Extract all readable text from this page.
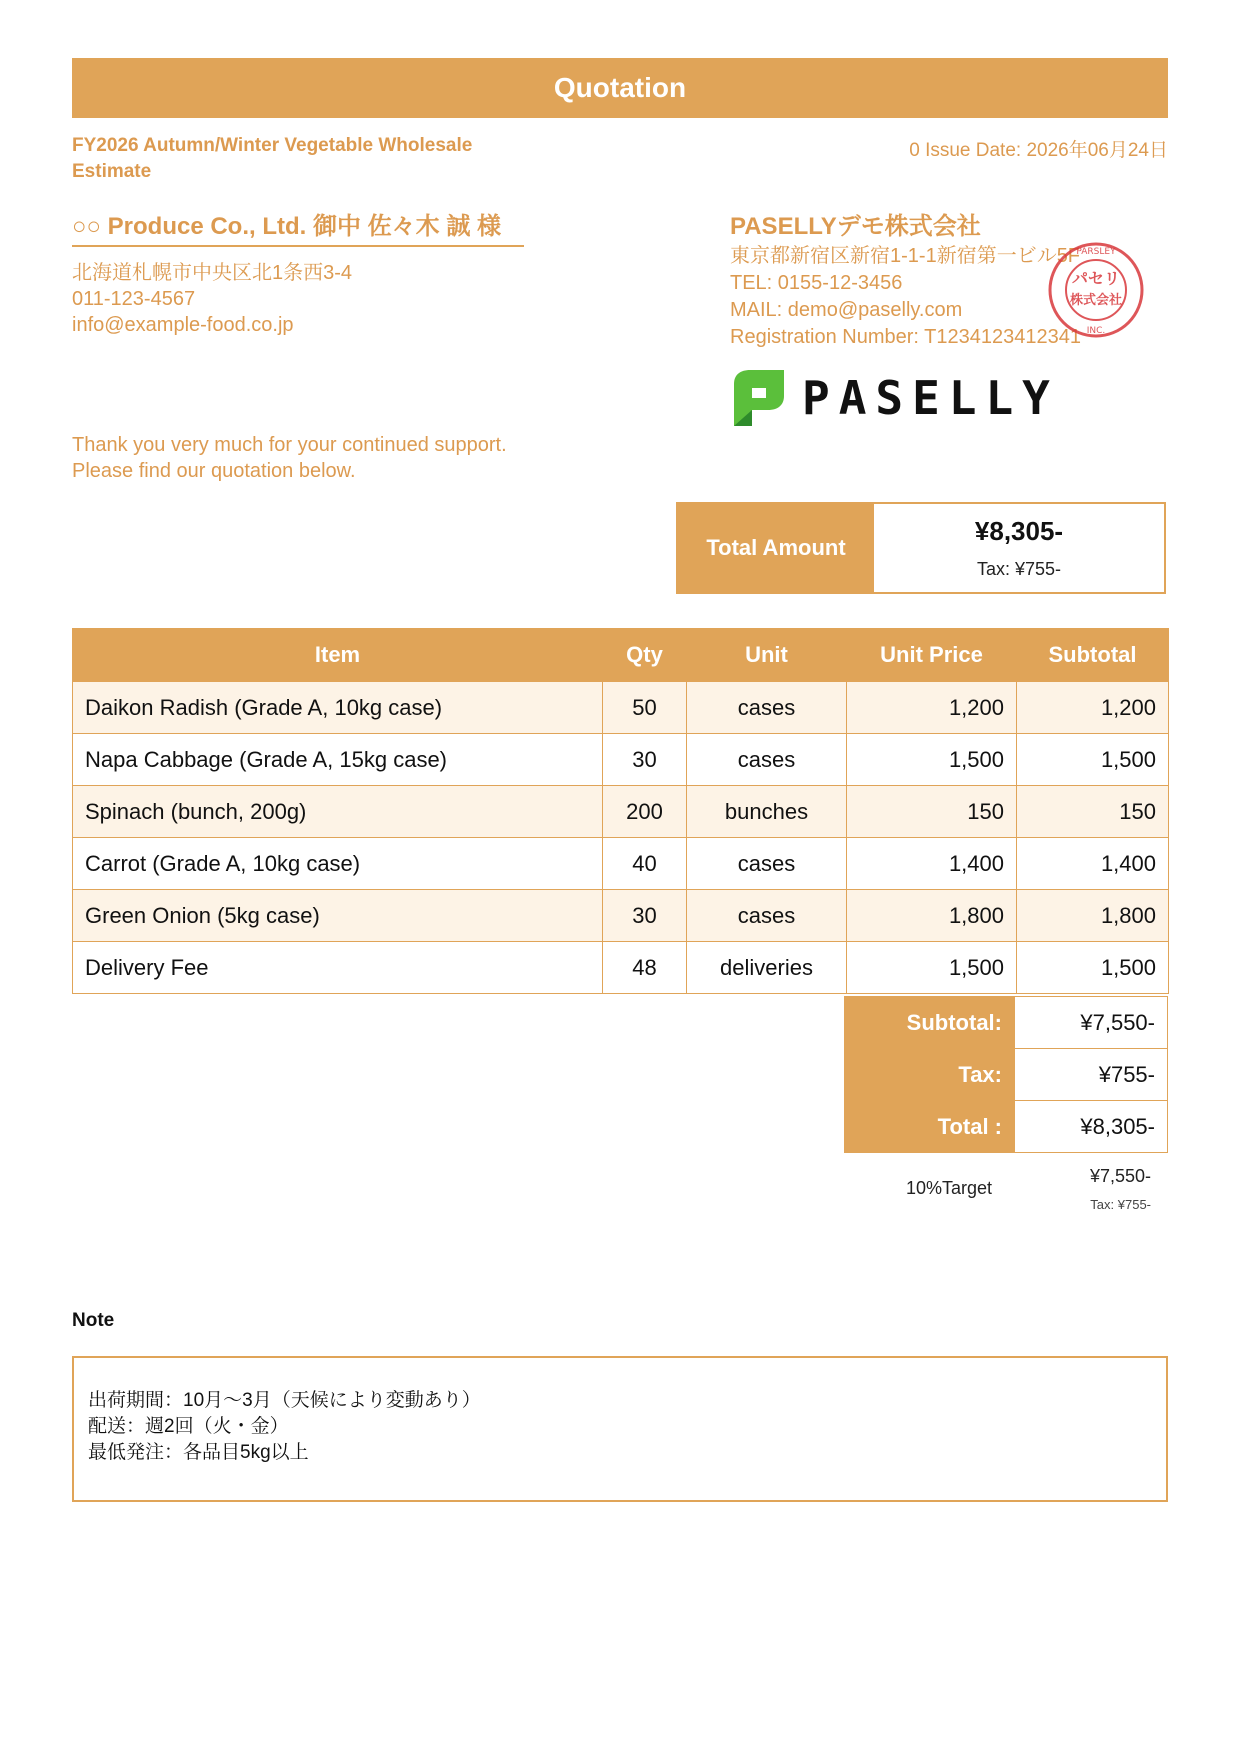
Quotation
FY2026 Autumn/Winter Vegetable Wholesale Estimate
0 Issue Date: 2026年06月24日
○○ Produce Co., Ltd. 御中 佐々木 誠 様
北海道札幌市中央区北1条西3-4
011-123-4567
info@example-food.co.jp
Thank you very much for your continued support.
Please find our quotation below.
PASELLYデモ株式会社
東京都新宿区新宿1-1-1新宿第一ビル5F
TEL: 0155-12-3456
MAIL: demo@paselly.com
Registration Number: T1234123412341
パセリ
株式会社
PARSLEY
INC.
PASELLY
Total Amount
¥8,305-
Tax: ¥755-
Item	Qty	Unit	Unit Price	Subtotal
Daikon Radish (Grade A, 10kg case)	50	cases	1,200	1,200
Napa Cabbage (Grade A, 15kg case)	30	cases	1,500	1,500
Spinach (bunch, 200g)	200	bunches	150	150
Carrot (Grade A, 10kg case)	40	cases	1,400	1,400
Green Onion (5kg case)	30	cases	1,800	1,800
Delivery Fee	48	deliveries	1,500	1,500
Subtotal:	¥7,550-
Tax:	¥755-
Total :	¥8,305-
10%Target
¥7,550-
Tax: ¥755-
Note
出荷期間：10月〜3月（天候により変動あり）
配送：週2回（火・金）
最低発注：各品目5kg以上
